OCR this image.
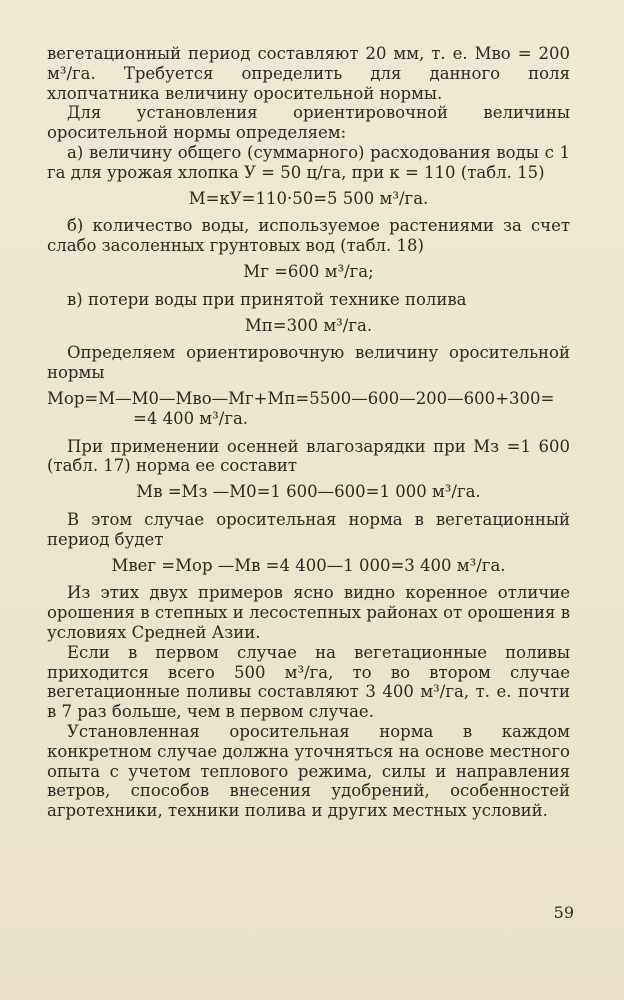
вегетационный период составляют 20 мм, т. е. Mво = 200 м³/га. Требуется определить для данного поля хлопчатника величину оросительной нормы.

Для установления ориентировочной величины оросительной нормы определяем:

а) величину общего (суммарного) расходования воды с 1 га для урожая хлопка У = 50 ц/га, при к = 110 (табл. 15)

M=кУ=110·50=5 500 м³/га.

б) количество воды, используемое растениями за счет слабо засоленных грунтовых вод (табл. 18)

Mг =600 м³/га;

в) потери воды при принятой технике полива

Mп=300 м³/га.

Определяем ориентировочную величину оросительной нормы

Mор=M—M0—Mво—Mг+Mп=5500—600—200—600+300=
=4 400 м³/га.

При применении осенней влагозарядки при Mз =1 600 (табл. 17) норма ее составит

Mв =Mз —M0=1 600—600=1 000 м³/га.

В этом случае оросительная норма в вегетационный период будет

Mвег =Mор —Mв =4 400—1 000=3 400 м³/га.

Из этих двух примеров ясно видно коренное отличие орошения в степных и лесостепных районах от орошения в условиях Средней Азии.

Если в первом случае на вегетационные поливы приходится всего 500 м³/га, то во втором случае вегетационные поливы составляют 3 400 м³/га, т. е. почти в 7 раз больше, чем в первом случае.

Установленная оросительная норма в каждом конкретном случае должна уточняться на основе местного опыта с учетом теплового режима, силы и направления ветров, способов внесения удобрений, особенностей агротехники, техники полива и других местных условий.

59
